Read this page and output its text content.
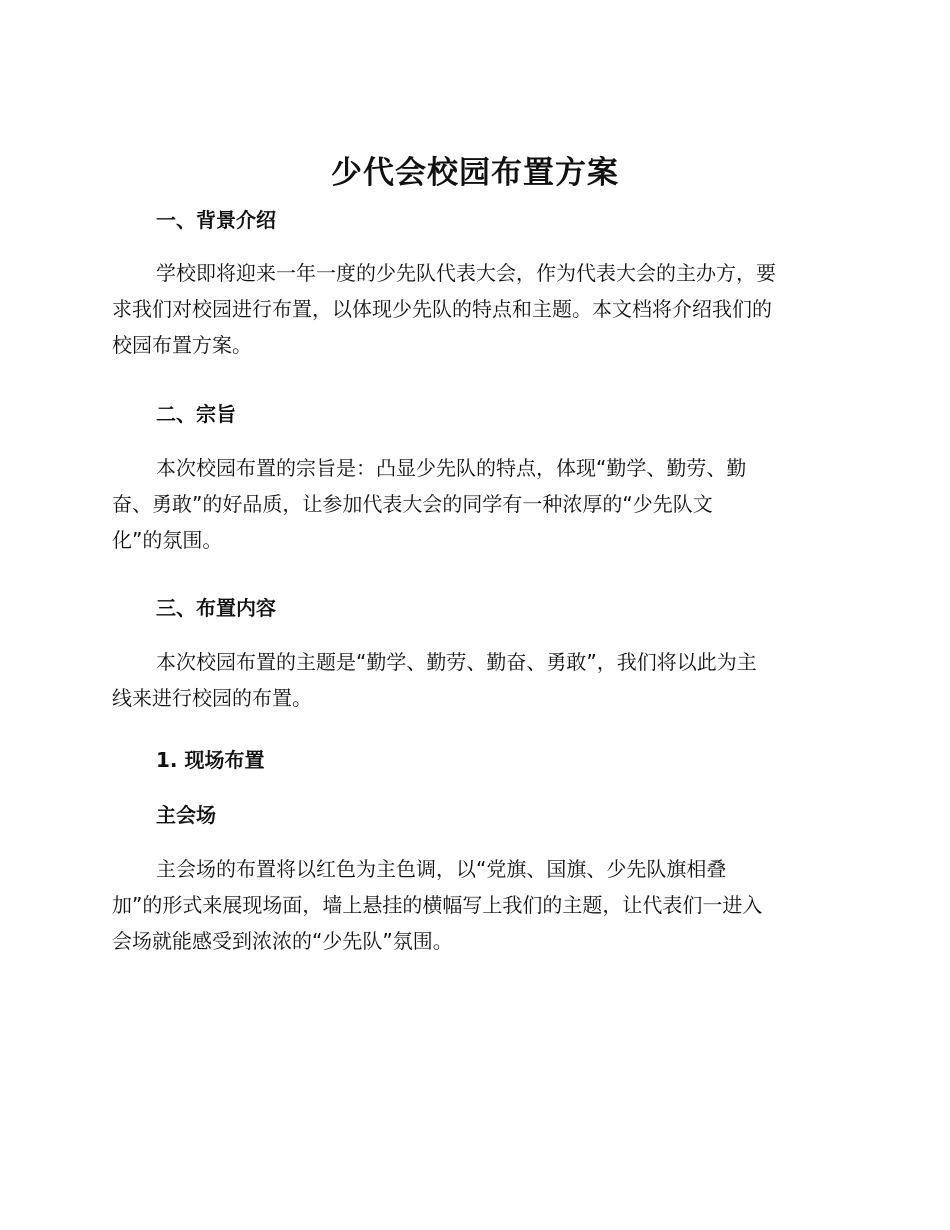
少代会校园布置方案
一、背景介绍
学校即将迎来一年一度的少先队代表大会，作为代表大会的主办方，要
求我们对校园进行布置，以体现少先队的特点和主题。本文档将介绍我们的
校园布置方案。
二、宗旨
本次校园布置的宗旨是：凸显少先队的特点，体现“勤学、勤劳、勤
奋、勇敢”的好品质，让参加代表大会的同学有一种浓厚的“少先队文
化”的氛围。
三、布置内容
本次校园布置的主题是“勤学、勤劳、勤奋、勇敢”，我们将以此为主
线来进行校园的布置。
1. 现场布置
主会场
主会场的布置将以红色为主色调，以“党旗、国旗、少先队旗相叠
加”的形式来展现场面，墙上悬挂的横幅写上我们的主题，让代表们一进入
会场就能感受到浓浓的“少先队”氛围。
